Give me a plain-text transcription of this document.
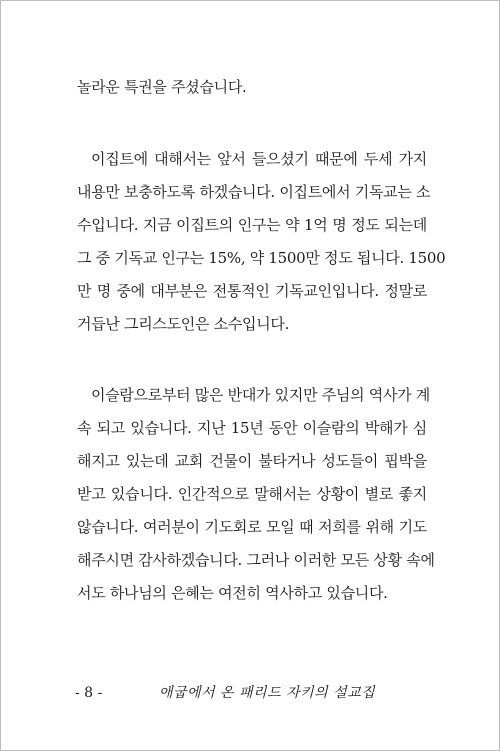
놀라운 특권을 주셨습니다.
이집트에 대해서는 앞서 들으셨기 때문에 두세 가지
내용만 보충하도록 하겠습니다. 이집트에서 기독교는 소
수입니다. 지금 이집트의 인구는 약 1억 명 정도 되는데
그 중 기독교 인구는 15%, 약 1500만 정도 됩니다. 1500
만 명 중에 대부분은 전통적인 기독교인입니다. 정말로
거듭난 그리스도인은 소수입니다.
이슬람으로부터 많은 반대가 있지만 주님의 역사가 계
속 되고 있습니다. 지난 15년 동안 이슬람의 박해가 심
해지고 있는데 교회 건물이 불타거나 성도들이 핍박을
받고 있습니다. 인간적으로 말해서는 상황이 별로 좋지
않습니다. 여러분이 기도회로 모일 때 저희를 위해 기도
해주시면 감사하겠습니다. 그러나 이러한 모든 상황 속에
서도 하나님의 은혜는 여전히 역사하고 있습니다.
- 8 -	애굽에서 온 패리드 자키의 설교집
